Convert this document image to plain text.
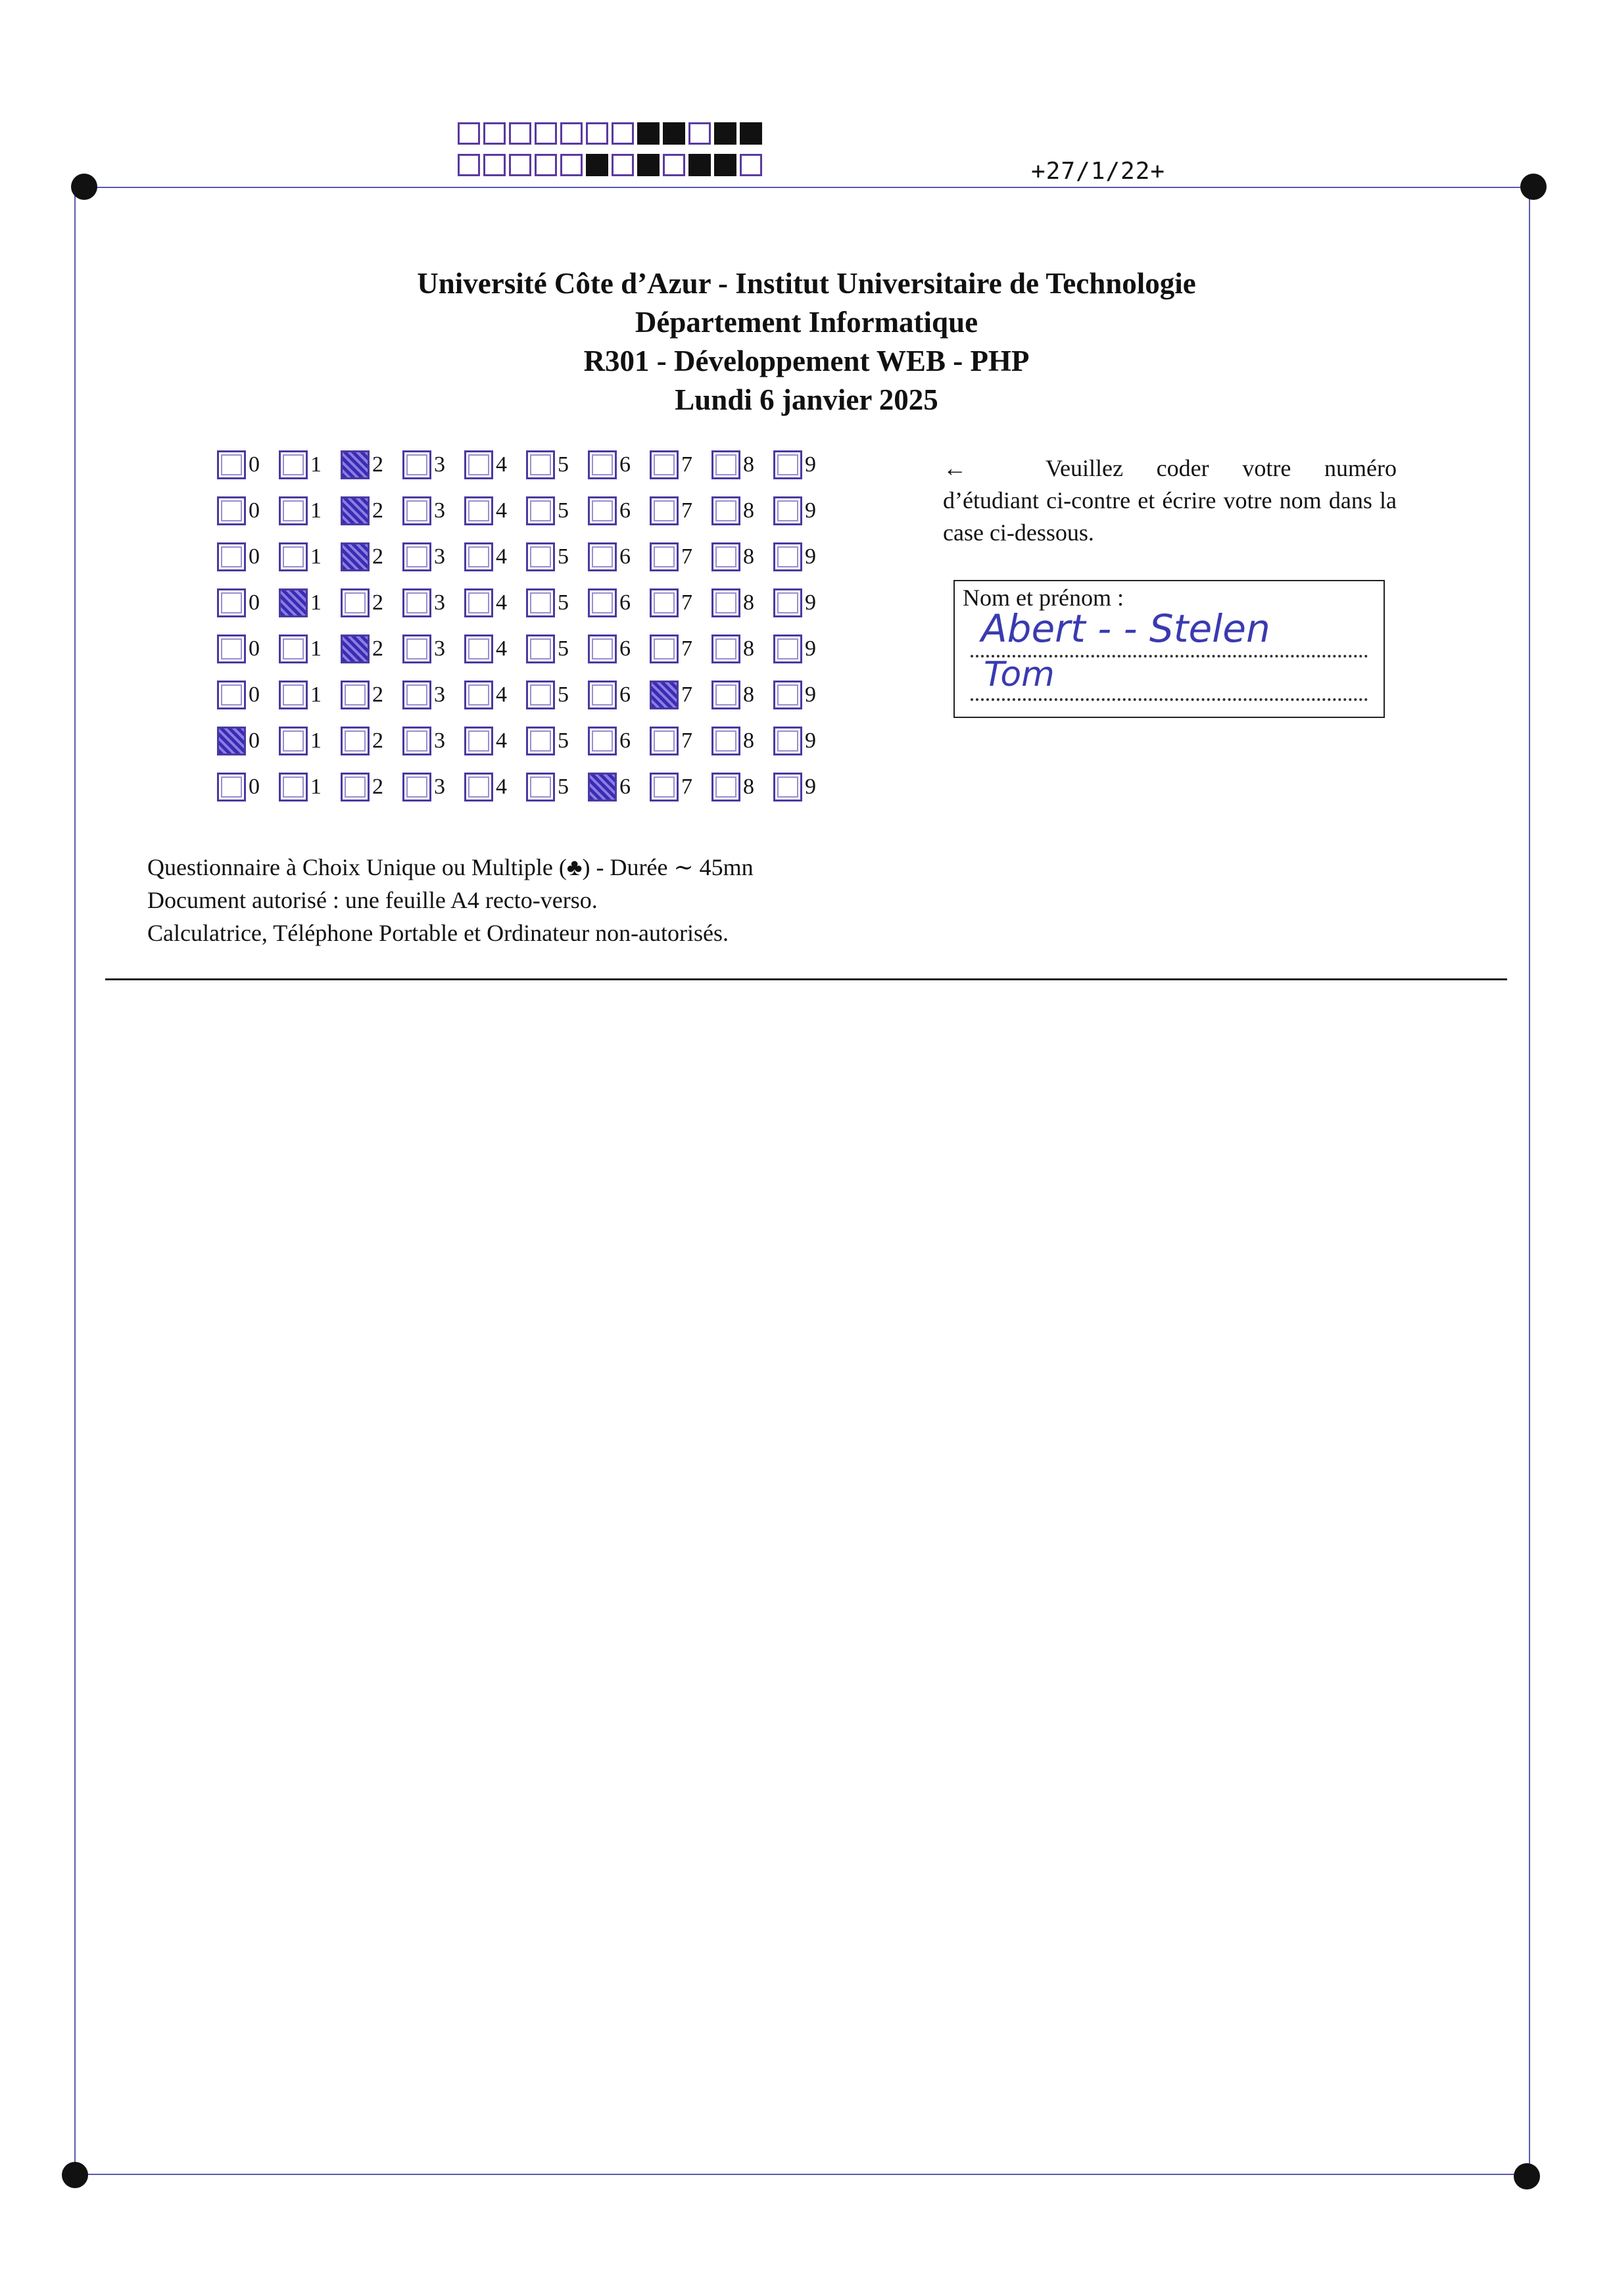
+27/1/22+
Université Côte d’Azur - Institut Universitaire de Technologie
Département Informatique
R301 - Développement WEB - PHP
Lundi 6 janvier 2025
0 1 2 3 4 5 6 7 8 9
0 1 2 3 4 5 6 7 8 9
0 1 2 3 4 5 6 7 8 9
0 1 2 3 4 5 6 7 8 9
0 1 2 3 4 5 6 7 8 9
0 1 2 3 4 5 6 7 8 9
0 1 2 3 4 5 6 7 8 9
0 1 2 3 4 5 6 7 8 9
←	Veuillez coder votre numéro d’étudiant ci-contre et écrire votre nom dans la case ci-dessous.
Nom et prénom :
Abert - - Stelen
Tom
Questionnaire à Choix Unique ou Multiple (♣) - Durée ∼ 45mn
Document autorisé : une feuille A4 recto-verso.
Calculatrice, Téléphone Portable et Ordinateur non-autorisés.
